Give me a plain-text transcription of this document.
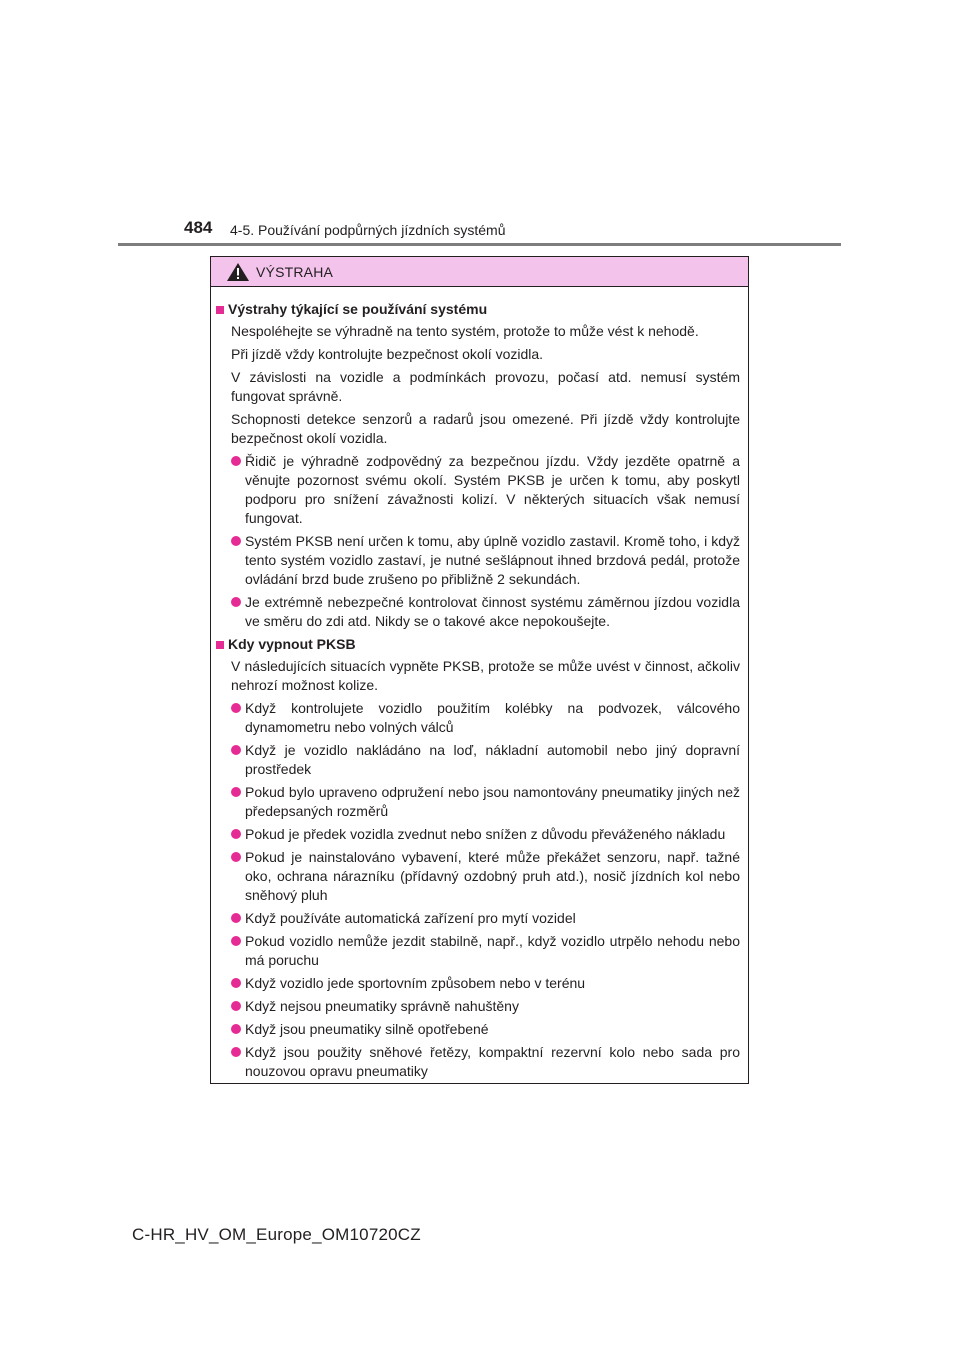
484 4-5. Používání podpůrných jízdních systémů
VÝSTRAHA
Výstrahy týkající se používání systému
Nespoléhejte se výhradně na tento systém, protože to může vést k nehodě.
Při jízdě vždy kontrolujte bezpečnost okolí vozidla.
V závislosti na vozidle a podmínkách provozu, počasí atd. nemusí systém fungovat správně.
Schopnosti detekce senzorů a radarů jsou omezené. Při jízdě vždy kontrolujte bezpečnost okolí vozidla.
Řidič je výhradně zodpovědný za bezpečnou jízdu. Vždy jezděte opatrně a věnujte pozornost svému okolí. Systém PKSB je určen k tomu, aby poskytl podporu pro snížení závažnosti kolizí. V některých situacích však nemusí fungovat.
Systém PKSB není určen k tomu, aby úplně vozidlo zastavil. Kromě toho, i když tento systém vozidlo zastaví, je nutné sešlápnout ihned brzdová pedál, protože ovládání brzd bude zrušeno po přibližně 2 sekundách.
Je extrémně nebezpečné kontrolovat činnost systému záměrnou jízdou vozidla ve směru do zdi atd. Nikdy se o takové akce nepokoušejte.
Kdy vypnout PKSB
V následujících situacích vypněte PKSB, protože se může uvést v činnost, ačkoliv nehrozí možnost kolize.
Když kontrolujete vozidlo použitím kolébky na podvozek, válcového dynamometru nebo volných válců
Když je vozidlo nakládáno na loď, nákladní automobil nebo jiný dopravní prostředek
Pokud bylo upraveno odpružení nebo jsou namontovány pneumatiky jiných než předepsaných rozměrů
Pokud je předek vozidla zvednut nebo snížen z důvodu převáženého nákladu
Pokud je nainstalováno vybavení, které může překážet senzoru, např. tažné oko, ochrana nárazníku (přídavný ozdobný pruh atd.), nosič jízdních kol nebo sněhový pluh
Když používáte automatická zařízení pro mytí vozidel
Pokud vozidlo nemůže jezdit stabilně, např., když vozidlo utrpělo nehodu nebo má poruchu
Když vozidlo jede sportovním způsobem nebo v terénu
Když nejsou pneumatiky správně nahuštěny
Když jsou pneumatiky silně opotřebené
Když jsou použity sněhové řetězy, kompaktní rezervní kolo nebo sada pro nouzovou opravu pneumatiky
C-HR_HV_OM_Europe_OM10720CZ
